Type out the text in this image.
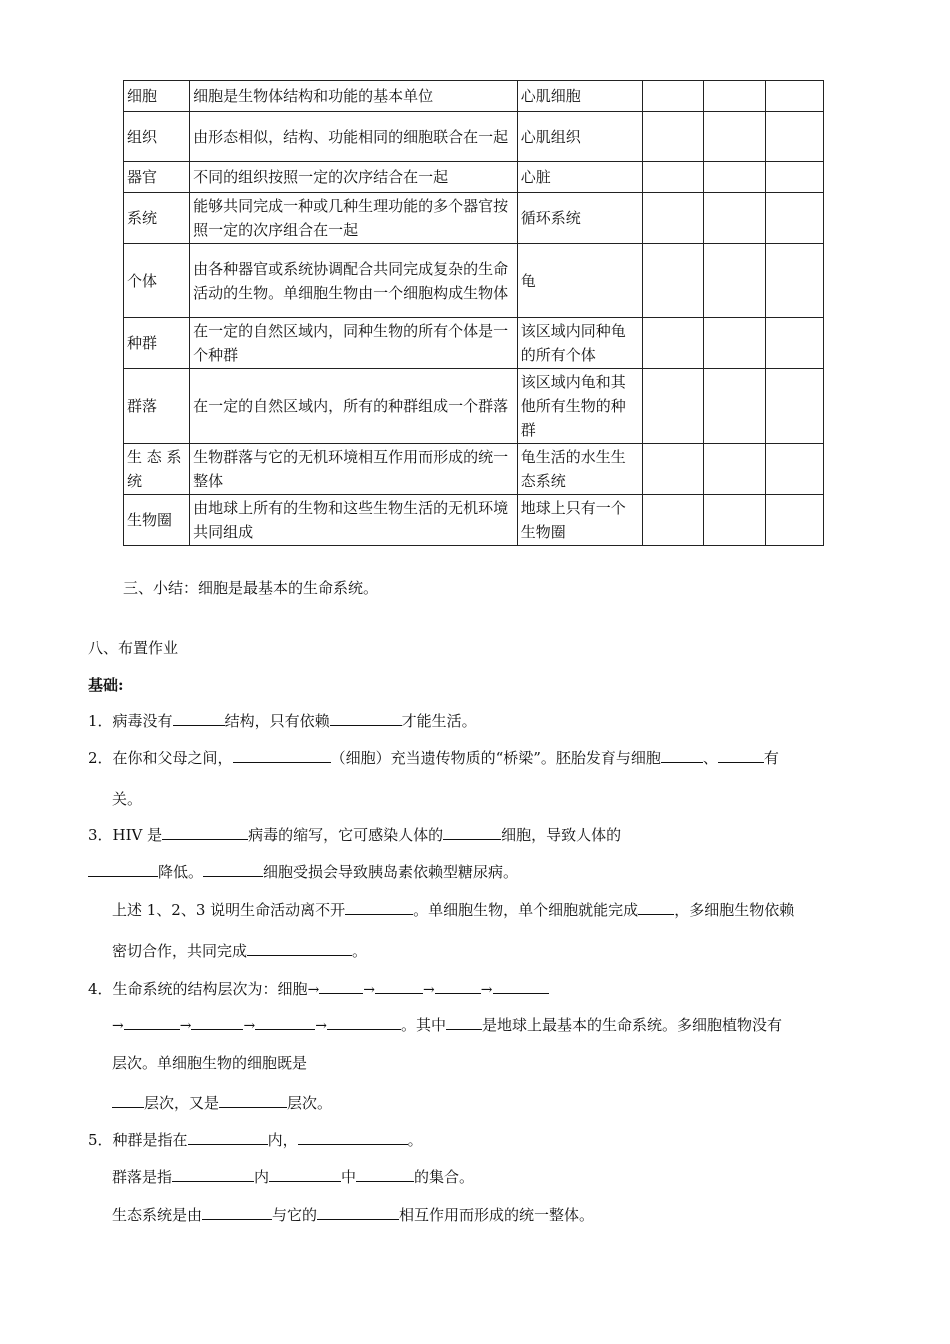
细胞	细胞是生物体结构和功能的基本单位	心肌细胞			
组织	由形态相似，结构、功能相同的细胞联合在一起	心肌组织			
器官	不同的组织按照一定的次序结合在一起	心脏			
系统	能够共同完成一种或几种生理功能的多个器官按照一定的次序组合在一起	循环系统			
个体	由各种器官或系统协调配合共同完成复杂的生命活动的生物。单细胞生物由一个细胞构成生物体	龟			
种群	在一定的自然区域内，同种生物的所有个体是一个种群	该区域内同种龟的所有个体			
群落	在一定的自然区域内，所有的种群组成一个群落	该区域内龟和其他所有生物的种群			
生 态 系统	生物群落与它的无机环境相互作用而形成的统一整体	龟生活的水生生态系统			
生物圈	由地球上所有的生物和这些生物生活的无机环境共同组成	地球上只有一个生物圈			
三、小结：细胞是最基本的生命系统。
八、布置作业
基础:
1．病毒没有	结构，只有依赖	才能生活。
2．在你和父母之间，	（细胞）充当遗传物质的“桥梁”。胚胎发育与细胞	、	有
关。
3．HIV 是	病毒的缩写，它可感染人体的	细胞，导致人体的
降低。	细胞受损会导致胰岛素依赖型糖尿病。
上述 1、2、3 说明生命活动离不开	。单细胞生物，单个细胞就能完成 ，多细胞生物依赖
密切合作，共同完成	。
4．生命系统的结构层次为：细胞→	→	→	→
→	→	→	→	。其中 是地球上最基本的生命系统。多细胞植物没有
层次。单细胞生物的细胞既是
层次，又是	层次。
5．种群是指在	内，	。
群落是指	内	中	的集合。
生态系统是由	与它的	相互作用而形成的统一整体。
